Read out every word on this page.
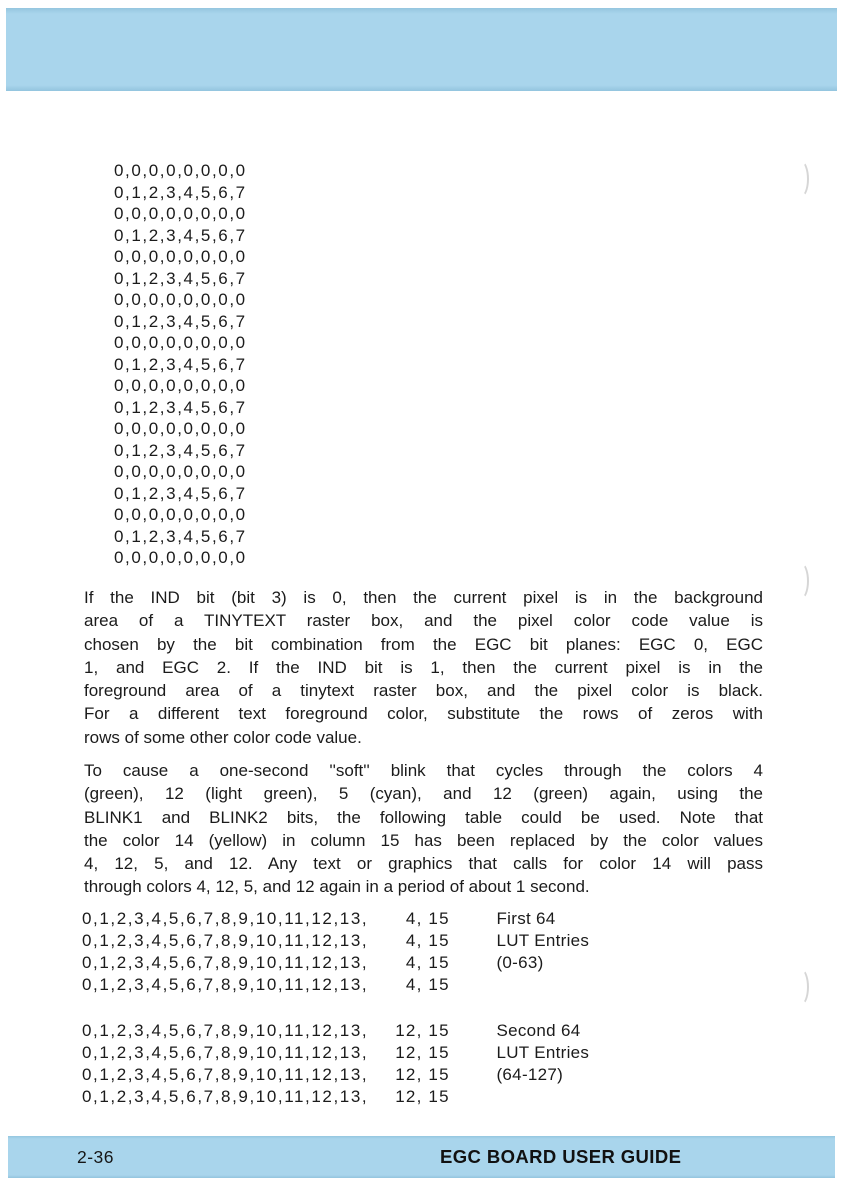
0,0,0,0,0,0,0,0
0,1,2,3,4,5,6,7
0,0,0,0,0,0,0,0
0,1,2,3,4,5,6,7
0,0,0,0,0,0,0,0
0,1,2,3,4,5,6,7
0,0,0,0,0,0,0,0
0,1,2,3,4,5,6,7
0,0,0,0,0,0,0,0
0,1,2,3,4,5,6,7
0,0,0,0,0,0,0,0
0,1,2,3,4,5,6,7
0,0,0,0,0,0,0,0
0,1,2,3,4,5,6,7
0,0,0,0,0,0,0,0
0,1,2,3,4,5,6,7
0,0,0,0,0,0,0,0
0,1,2,3,4,5,6,7
0,0,0,0,0,0,0,0
If the IND bit (bit 3) is 0, then the current pixel is in the background
area of a TINYTEXT raster box, and the pixel color code value is
chosen by the bit combination from the EGC bit planes: EGC 0, EGC
1, and EGC 2. If the IND bit is 1, then the current pixel is in the
foreground area of a tinytext raster box, and the pixel color is black.
For a different text foreground color, substitute the rows of zeros with
rows of some other color code value.
To cause a one-second ''soft'' blink that cycles through the colors 4
(green), 12 (light green), 5 (cyan), and 12 (green) again, using the
BLINK1 and BLINK2 bits, the following table could be used. Note that
the color 14 (yellow) in column 15 has been replaced by the color values
4, 12, 5, and 12. Any text or graphics that calls for color 14 will pass
through colors 4, 12, 5, and 12 again in a period of about 1 second.
0,1,2,3,4,5,6,7,8,9,10,11,12,13, 4, 15	First 64
0,1,2,3,4,5,6,7,8,9,10,11,12,13, 4, 15	LUT Entries
0,1,2,3,4,5,6,7,8,9,10,11,12,13, 4, 15	(0-63)
0,1,2,3,4,5,6,7,8,9,10,11,12,13, 4, 15
0,1,2,3,4,5,6,7,8,9,10,11,12,13, 12, 15	Second 64
0,1,2,3,4,5,6,7,8,9,10,11,12,13, 12, 15	LUT Entries
0,1,2,3,4,5,6,7,8,9,10,11,12,13, 12, 15	(64-127)
0,1,2,3,4,5,6,7,8,9,10,11,12,13, 12, 15
2-36	EGC BOARD USER GUIDE
